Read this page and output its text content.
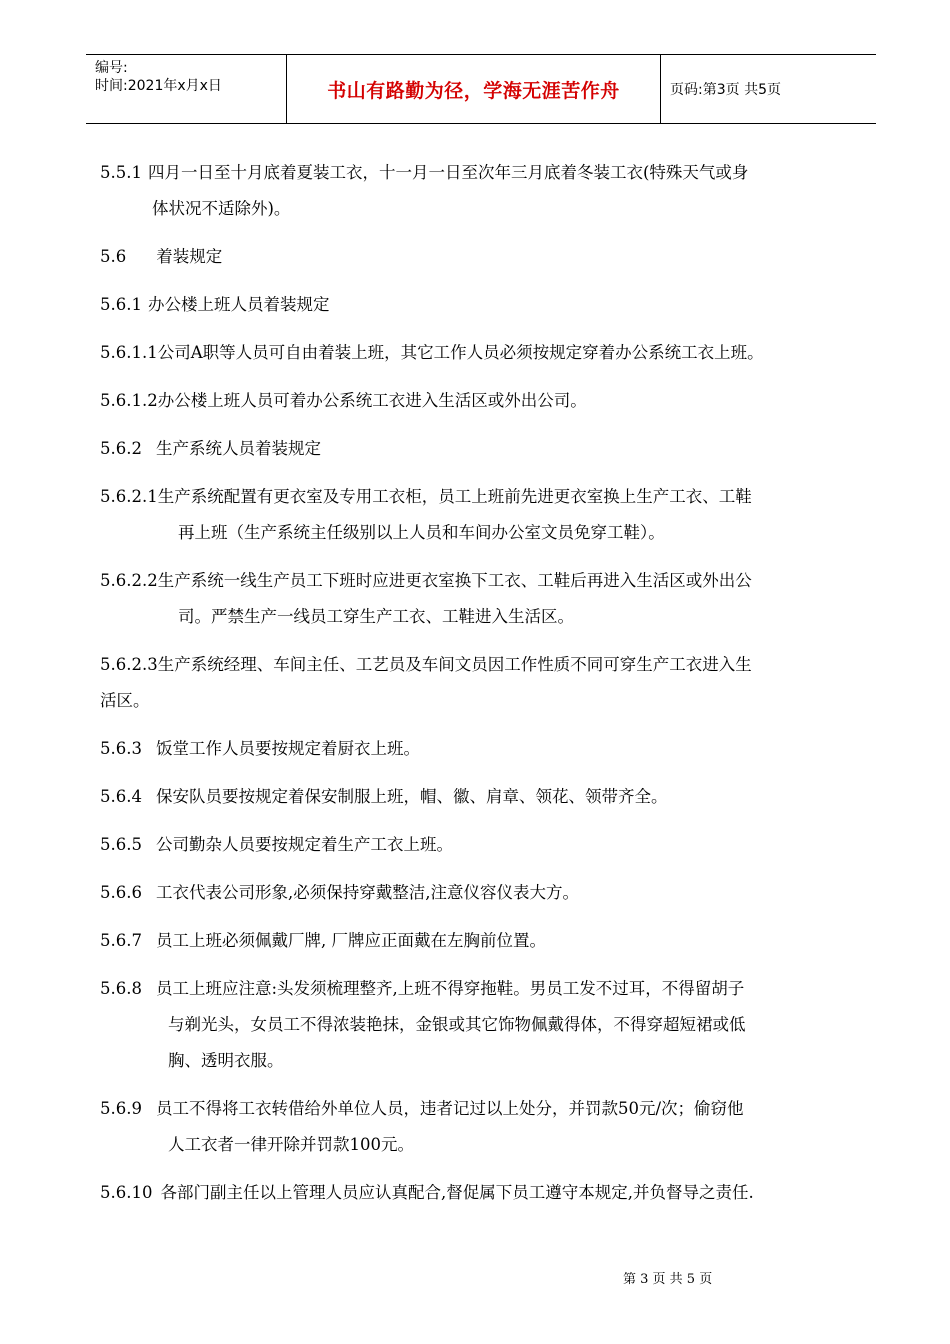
编号:
时间:2021年x月x日	书山有路勤为径，学海无涯苦作舟	页码:第3页 共5页

5.5.1 四月一日至十月底着夏装工衣，十一月一日至次年三月底着冬装工衣(特殊天气或身
体状况不适除外)。

5.6 着装规定

5.6.1 办公楼上班人员着装规定

5.6.1.1公司A职等人员可自由着装上班，其它工作人员必须按规定穿着办公系统工衣上班。

5.6.1.2办公楼上班人员可着办公系统工衣进入生活区或外出公司。

5.6.2 生产系统人员着装规定

5.6.2.1生产系统配置有更衣室及专用工衣柜，员工上班前先进更衣室换上生产工衣、工鞋
再上班（生产系统主任级别以上人员和车间办公室文员免穿工鞋）。

5.6.2.2生产系统一线生产员工下班时应进更衣室换下工衣、工鞋后再进入生活区或外出公
司。严禁生产一线员工穿生产工衣、工鞋进入生活区。

5.6.2.3生产系统经理、车间主任、工艺员及车间文员因工作性质不同可穿生产工衣进入生
活区。

5.6.3 饭堂工作人员要按规定着厨衣上班。

5.6.4 保安队员要按规定着保安制服上班，帽、徽、肩章、领花、领带齐全。

5.6.5 公司勤杂人员要按规定着生产工衣上班。

5.6.6 工衣代表公司形象,必须保持穿戴整洁,注意仪容仪表大方。

5.6.7 员工上班必须佩戴厂牌, 厂牌应正面戴在左胸前位置。

5.6.8 员工上班应注意:头发须梳理整齐,上班不得穿拖鞋。男员工发不过耳，不得留胡子
与剃光头，女员工不得浓装艳抹，金银或其它饰物佩戴得体，不得穿超短裙或低
胸、透明衣服。

5.6.9 员工不得将工衣转借给外单位人员，违者记过以上处分，并罚款50元/次；偷窃他
人工衣者一律开除并罚款100元。

5.6.10 各部门副主任以上管理人员应认真配合,督促属下员工遵守本规定,并负督导之责任.

第 3 页 共 5 页
